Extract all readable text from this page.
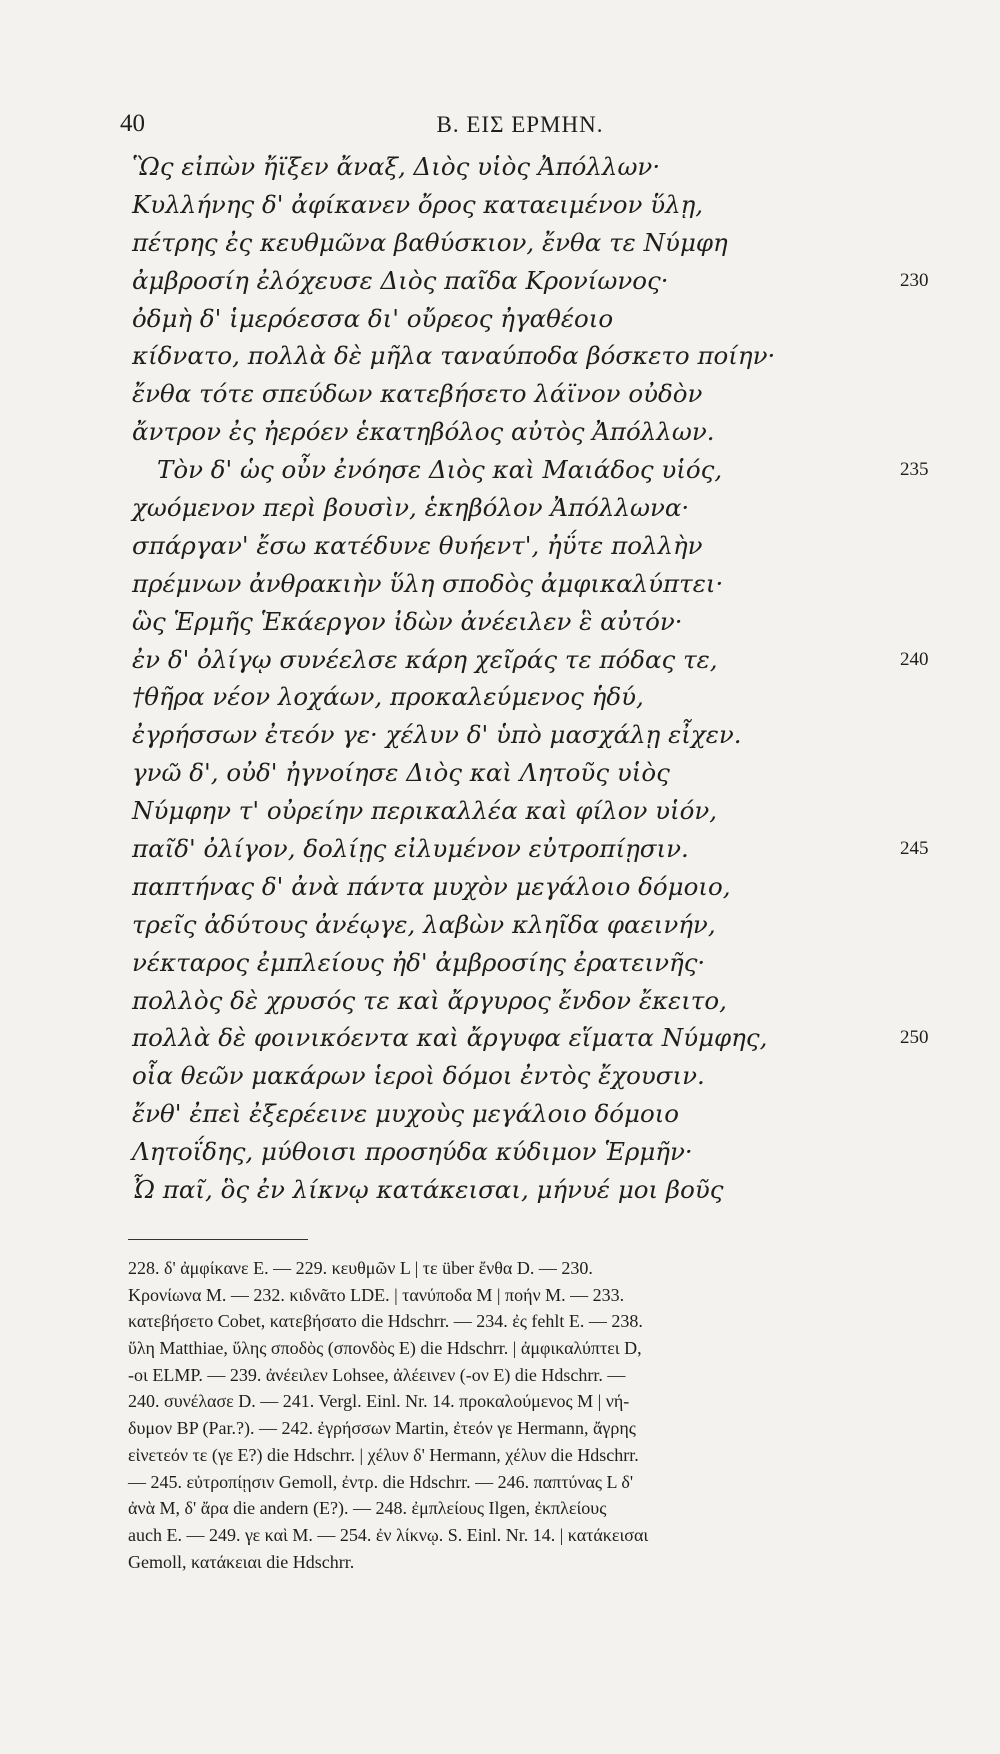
40	B. ΕΙΣ ΕΡΜΗΝ.
Ὣς εἰπὼν ἤϊξεν ἄναξ, Διὸς υἱὸς Ἀπόλλων·
Κυλλήνης δ' ἀφίκανεν ὄρος καταειμένον ὕλῃ,
πέτρης ἐς κευθμῶνα βαθύσκιον, ἔνθα τε Νύμφη
ἀμβροσίη ἐλόχευσε Διὸς παῖδα Κρονίωνος·	230
ὀδμὴ δ' ἱμερόεσσα δι' οὔρεος ἠγαθέοιο
κίδνατο, πολλὰ δὲ μῆλα ταναύποδα βόσκετο ποίην·
ἔνθα τότε σπεύδων κατεβήσετο λάϊνον οὐδὸν
ἄντρον ἐς ἠερόεν ἑκατηβόλος αὐτὸς Ἀπόλλων.
Τὸν δ' ὡς οὖν ἐνόησε Διὸς καὶ Μαιάδος υἱός,	235
χωόμενον περὶ βουσὶν, ἑκηβόλον Ἀπόλλωνα·
σπάργαν' ἔσω κατέδυνε θυήεντ', ἠΰτε πολλὴν
πρέμνων ἀνθρακιὴν ὕλη σποδὸς ἀμφικαλύπτει·
ὣς Ἑρμῆς Ἑκάεργον ἰδὼν ἀνέειλεν ἓ αὐτόν·
ἐν δ' ὀλίγῳ συνέελσε κάρη χεῖράς τε πόδας τε,	240
†θῆρα νέον λοχάων, προκαλεύμενος ἡδύ,
ἐγρήσσων ἐτεόν γε· χέλυν δ' ὑπὸ μασχάλῃ εἶχεν.
γνῶ δ', οὐδ' ἠγνοίησε Διὸς καὶ Λητοῦς υἱὸς
Νύμφην τ' οὐρείην περικαλλέα καὶ φίλον υἱόν,
παῖδ' ὀλίγον, δολίῃς εἰλυμένον εὐτροπίῃσιν.	245
παπτήνας δ' ἀνὰ πάντα μυχὸν μεγάλοιο δόμοιο,
τρεῖς ἀδύτους ἀνέῳγε, λαβὼν κληῖδα φαεινήν,
νέκταρος ἐμπλείους ἠδ' ἀμβροσίης ἐρατεινῆς·
πολλὸς δὲ χρυσός τε καὶ ἄργυρος ἔνδον ἔκειτο,
πολλὰ δὲ φοινικόεντα καὶ ἄργυφα εἵματα Νύμφης,	250
οἷα θεῶν μακάρων ἱεροὶ δόμοι ἐντὸς ἔχουσιν.
ἔνθ' ἐπεὶ ἐξερέεινε μυχοὺς μεγάλοιο δόμοιο
Λητοΐδης, μύθοισι προσηύδα κύδιμον Ἑρμῆν·
Ὦ παῖ, ὃς ἐν λίκνῳ κατάκεισαι, μήνυέ μοι βοῦς
228. δ' ἀμφίκανε E. — 229. κευθμῶν L | τε über ἔνθα D. — 230.
Κρονίωνα M. — 232. κιδνᾶτο LDE. | τανύποδα M | ποήν M. — 233.
κατεβήσετο Cobet, κατεβήσατο die Hdschrr. — 234. ἐς fehlt E. — 238.
ὕλη Matthiae, ὕλης σποδὸς (σπονδὸς E) die Hdschrr. | ἀμφικαλύπτει D,
-οι ELMP. — 239. ἀνέειλεν Lohsee, ἀλέεινεν (-ον E) die Hdschrr. —
240. συνέλασε D. — 241. Vergl. Einl. Nr. 14. προκαλούμενος M | νή-
δυμον BP (Par.?). — 242. ἐγρήσσων Martin, ἐτεόν γε Hermann, ἄγρης
εἰνετεόν τε (γε E?) die Hdschrr. | χέλυν δ' Hermann, χέλυν die Hdschrr.
— 245. εὐτροπίῃσιν Gemoll, ἐντρ. die Hdschrr. — 246. παπτύνας L δ'
ἀνὰ M, δ' ἄρα die andern (E?). — 248. ἐμπλείους Ilgen, ἐκπλείους
auch E. — 249. γε καὶ M. — 254. ἐν λίκνῳ. S. Einl. Nr. 14. | κατάκεισαι
Gemoll, κατάκειαι die Hdschrr.
